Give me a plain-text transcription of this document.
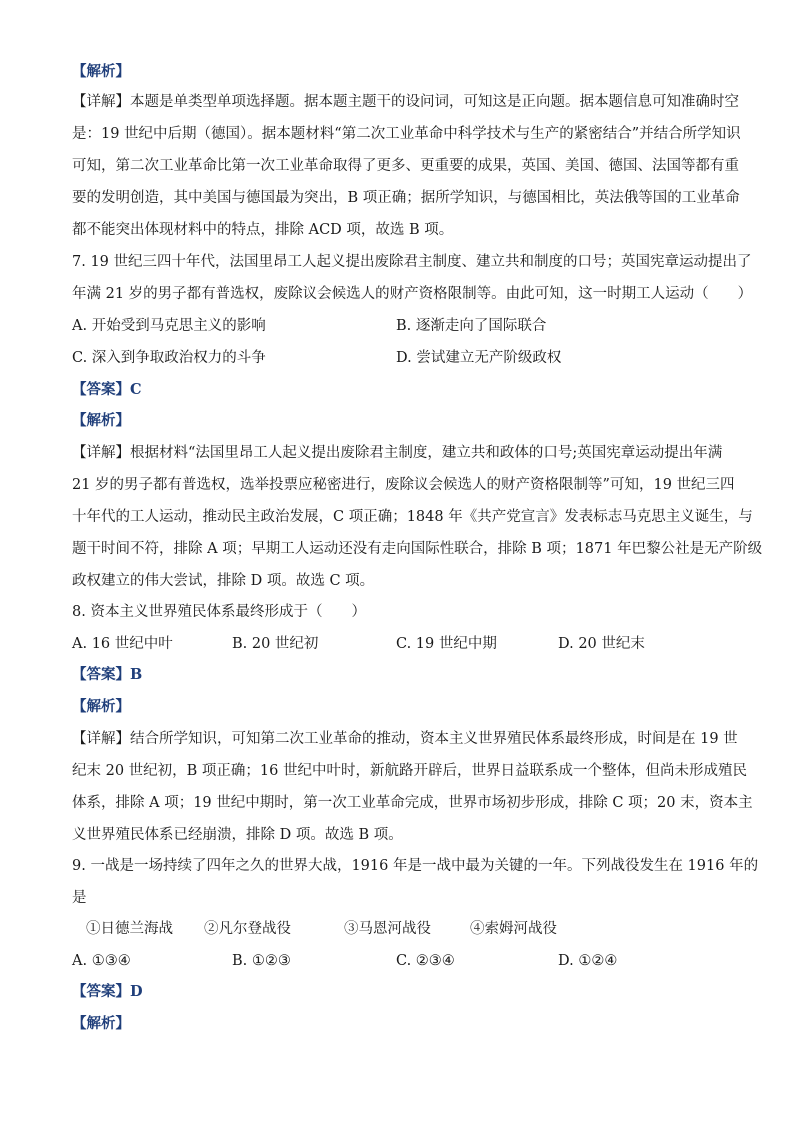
【解析】
【详解】本题是单类型单项选择题。据本题主题干的设问词，可知这是正向题。据本题信息可知准确时空
是：19 世纪中后期（德国）。据本题材料“第二次工业革命中科学技术与生产的紧密结合”并结合所学知识
可知，第二次工业革命比第一次工业革命取得了更多、更重要的成果，英国、美国、德国、法国等都有重
要的发明创造，其中美国与德国最为突出，B 项正确；据所学知识，与德国相比，英法俄等国的工业革命
都不能突出体现材料中的特点，排除 ACD 项，故选 B 项。
7. 19 世纪三四十年代，法国里昂工人起义提出废除君主制度、建立共和制度的口号；英国宪章运动提出了
年满 21 岁的男子都有普选权，废除议会候选人的财产资格限制等。由此可知，这一时期工人运动（　　）
A. 开始受到马克思主义的影响	B. 逐渐走向了国际联合
C. 深入到争取政治权力的斗争	D. 尝试建立无产阶级政权
【答案】C
【解析】
【详解】根据材料“法国里昂工人起义提出废除君主制度，建立共和政体的口号;英国宪章运动提出年满
21 岁的男子都有普选权，选举投票应秘密进行，废除议会候选人的财产资格限制等”可知，19 世纪三四
十年代的工人运动，推动民主政治发展，C 项正确；1848 年《共产党宣言》发表标志马克思主义诞生，与
题干时间不符，排除 A 项；早期工人运动还没有走向国际性联合，排除 B 项；1871 年巴黎公社是无产阶级
政权建立的伟大尝试，排除 D 项。故选 C 项。
8. 资本主义世界殖民体系最终形成于（　　）
A. 16 世纪中叶	B. 20 世纪初	C. 19 世纪中期	D. 20 世纪末
【答案】B
【解析】
【详解】结合所学知识，可知第二次工业革命的推动，资本主义世界殖民体系最终形成，时间是在 19 世
纪末 20 世纪初，B 项正确；16 世纪中叶时，新航路开辟后，世界日益联系成一个整体，但尚未形成殖民
体系，排除 A 项；19 世纪中期时，第一次工业革命完成，世界市场初步形成，排除 C 项；20 末，资本主
义世界殖民体系已经崩溃，排除 D 项。故选 B 项。
9. 一战是一场持续了四年之久的世界大战，1916 年是一战中最为关键的一年。下列战役发生在 1916 年的
是
①日德兰海战 ②凡尔登战役	③马恩河战役	④索姆河战役
A. ①③④	B. ①②③	C. ②③④	D. ①②④
【答案】D
【解析】
